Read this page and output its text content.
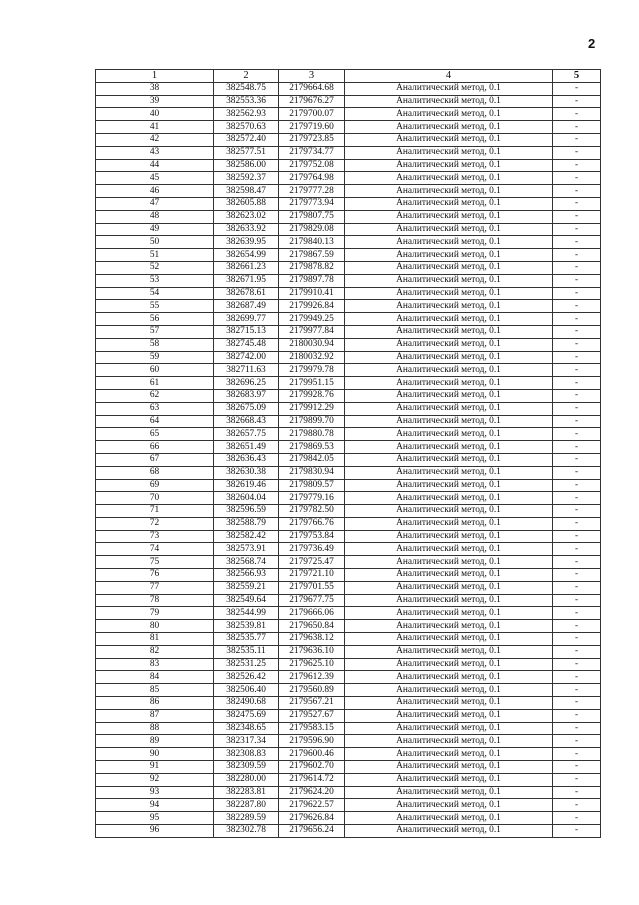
2
1	2	3	4	5
38	382548.75	2179664.68	Аналитический метод, 0.1	-
39	382553.36	2179676.27	Аналитический метод, 0.1	-
40	382562.93	2179700.07	Аналитический метод, 0.1	-
41	382570.63	2179719.60	Аналитический метод, 0.1	-
42	382572.40	2179723.85	Аналитический метод, 0.1	-
43	382577.51	2179734.77	Аналитический метод, 0.1	-
44	382586.00	2179752.08	Аналитический метод, 0.1	-
45	382592.37	2179764.98	Аналитический метод, 0.1	-
46	382598.47	2179777.28	Аналитический метод, 0.1	-
47	382605.88	2179773.94	Аналитический метод, 0.1	-
48	382623.02	2179807.75	Аналитический метод, 0.1	-
49	382633.92	2179829.08	Аналитический метод, 0.1	-
50	382639.95	2179840.13	Аналитический метод, 0.1	-
51	382654.99	2179867.59	Аналитический метод, 0.1	-
52	382661.23	2179878.82	Аналитический метод, 0.1	-
53	382671.95	2179897.78	Аналитический метод, 0.1	-
54	382678.61	2179910.41	Аналитический метод, 0.1	-
55	382687.49	2179926.84	Аналитический метод, 0.1	-
56	382699.77	2179949.25	Аналитический метод, 0.1	-
57	382715.13	2179977.84	Аналитический метод, 0.1	-
58	382745.48	2180030.94	Аналитический метод, 0.1	-
59	382742.00	2180032.92	Аналитический метод, 0.1	-
60	382711.63	2179979.78	Аналитический метод, 0.1	-
61	382696.25	2179951.15	Аналитический метод, 0.1	-
62	382683.97	2179928.76	Аналитический метод, 0.1	-
63	382675.09	2179912.29	Аналитический метод, 0.1	-
64	382668.43	2179899.70	Аналитический метод, 0.1	-
65	382657.75	2179880.78	Аналитический метод, 0.1	-
66	382651.49	2179869.53	Аналитический метод, 0.1	-
67	382636.43	2179842.05	Аналитический метод, 0.1	-
68	382630.38	2179830.94	Аналитический метод, 0.1	-
69	382619.46	2179809.57	Аналитический метод, 0.1	-
70	382604.04	2179779.16	Аналитический метод, 0.1	-
71	382596.59	2179782.50	Аналитический метод, 0.1	-
72	382588.79	2179766.76	Аналитический метод, 0.1	-
73	382582.42	2179753.84	Аналитический метод, 0.1	-
74	382573.91	2179736.49	Аналитический метод, 0.1	-
75	382568.74	2179725.47	Аналитический метод, 0.1	-
76	382566.93	2179721.10	Аналитический метод, 0.1	-
77	382559.21	2179701.55	Аналитический метод, 0.1	-
78	382549.64	2179677.75	Аналитический метод, 0.1	-
79	382544.99	2179666.06	Аналитический метод, 0.1	-
80	382539.81	2179650.84	Аналитический метод, 0.1	-
81	382535.77	2179638.12	Аналитический метод, 0.1	-
82	382535.11	2179636.10	Аналитический метод, 0.1	-
83	382531.25	2179625.10	Аналитический метод, 0.1	-
84	382526.42	2179612.39	Аналитический метод, 0.1	-
85	382506.40	2179560.89	Аналитический метод, 0.1	-
86	382490.68	2179567.21	Аналитический метод, 0.1	-
87	382475.69	2179527.67	Аналитический метод, 0.1	-
88	382348.65	2179583.15	Аналитический метод, 0.1	-
89	382317.34	2179596.90	Аналитический метод, 0.1	-
90	382308.83	2179600.46	Аналитический метод, 0.1	-
91	382309.59	2179602.70	Аналитический метод, 0.1	-
92	382280.00	2179614.72	Аналитический метод, 0.1	-
93	382283.81	2179624.20	Аналитический метод, 0.1	-
94	382287.80	2179622.57	Аналитический метод, 0.1	-
95	382289.59	2179626.84	Аналитический метод, 0.1	-
96	382302.78	2179656.24	Аналитический метод, 0.1	-
